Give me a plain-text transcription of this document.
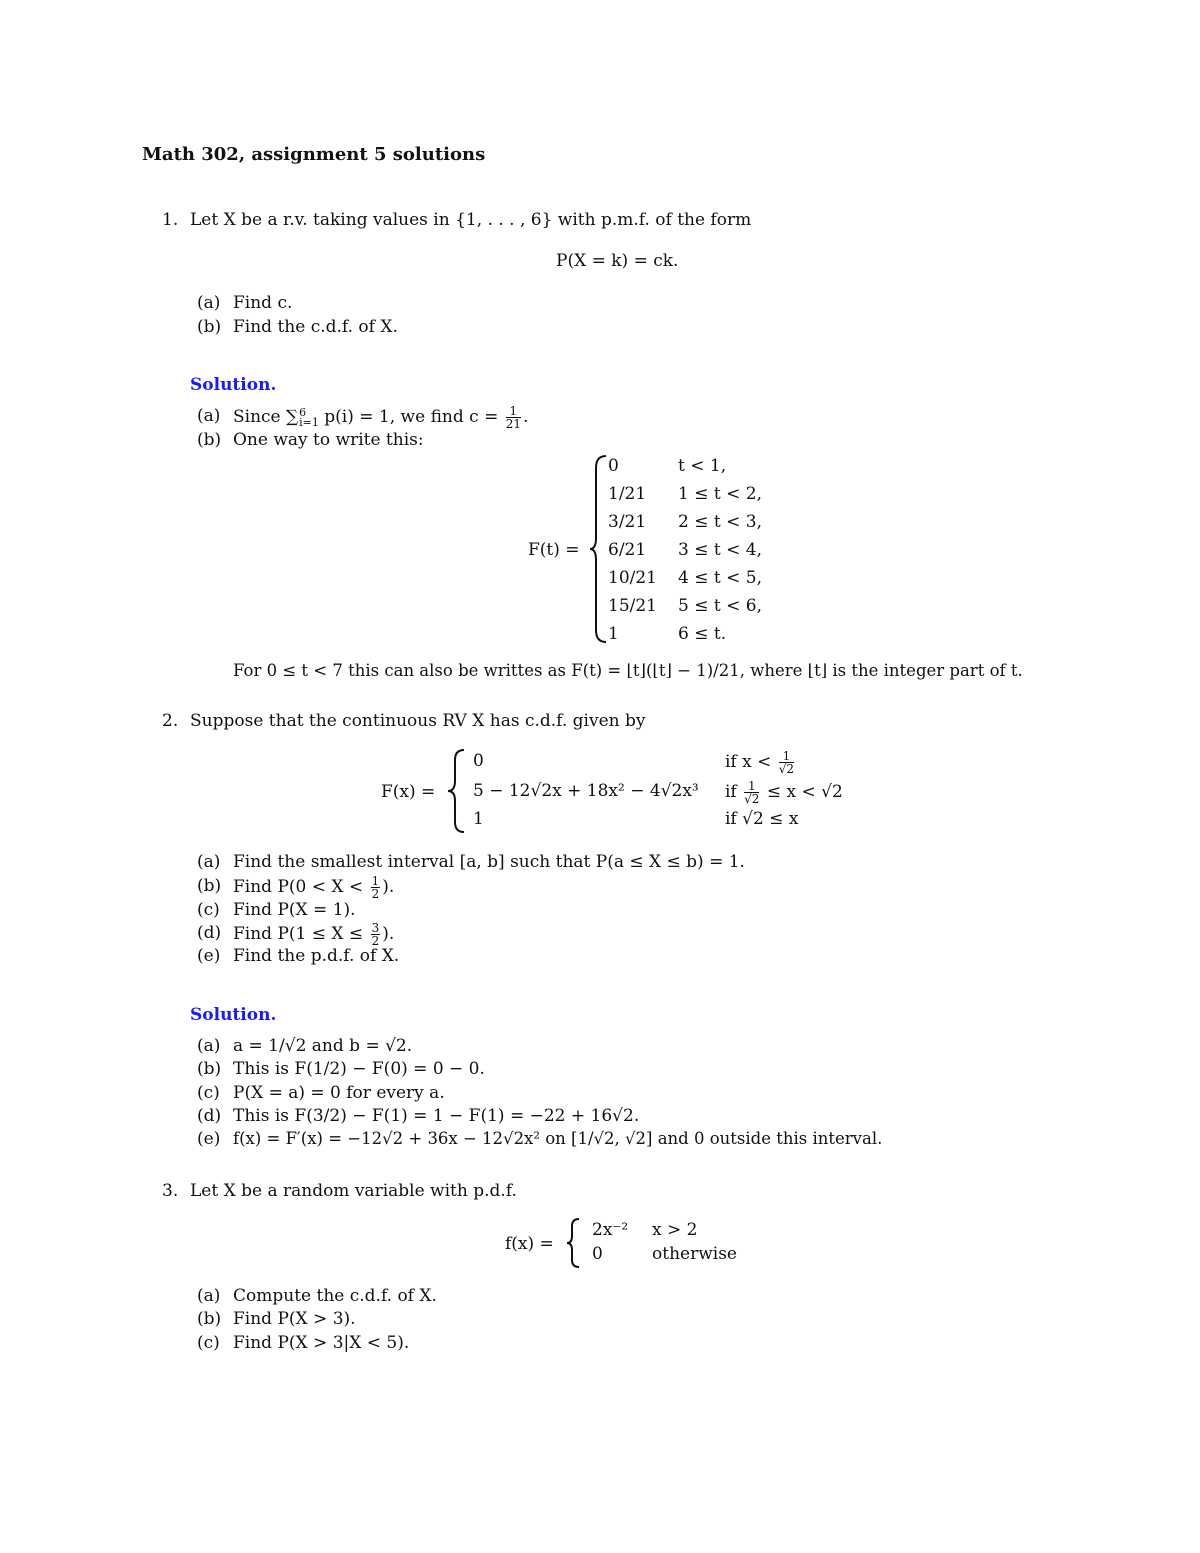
Math 302, assignment 5 solutions
1. Let X be a r.v. taking values in {1, . . . , 6} with p.m.f. of the form
P(X = k) = ck.
(a) Find c.
(b) Find the c.d.f. of X.
Solution.
(a) Since ∑ 6
i=1 p(i) = 1, we find $c = \frac{1}{21}$ .
(b) One way to write this:
F(t) =
0	t < 1,
1/21 1 ≤ t < 2,
3/21 2 ≤ t < 3,
6/21 3 ≤ t < 4,
10/21 4 ≤ t < 5,
15/21 5 ≤ t < 6,
1	6 ≤ t.
For 0 ≤ t < 7 this can also be writtes as F(t) = ⌊t⌋(⌊t⌋ − 1)/21, where ⌊t⌋ is the integer part of t.
2. Suppose that the continuous RV X has c.d.f. given by
F(x) =
0	if $x < \frac{1}{√2}$
5 − 12√2x + 18x² − 4√2x³ if $\frac{1}{√2} \le x < √2$
1	if √2 ≤ x
(a) Find the smallest interval [a, b] such that P(a ≤ X ≤ b) = 1.
(b) Find $P(0 < X < \frac{1}{2}$ ).
(c) Find P(X = 1).
(d) Find $P(1 \le X \le \frac{3}{2}$ ).
(e) Find the p.d.f. of X.
Solution.
(a) a = 1/√2 and b = √2.
(b) This is F(1/2) − F(0) = 0 − 0.
(c) P(X = a) = 0 for every a.
(d) This is F(3/2) − F(1) = 1 − F(1) = −22 + 16√2.
(e) f(x) = F′(x) = −12√2 + 36x − 12√2x² on [1/√2, √2] and 0 outside this interval.
3. Let X be a random variable with p.d.f.
f(x) =
2x⁻² x > 2
0	otherwise
(a) Compute the c.d.f. of X.
(b) Find P(X > 3).
(c) Find P(X > 3|X < 5).
